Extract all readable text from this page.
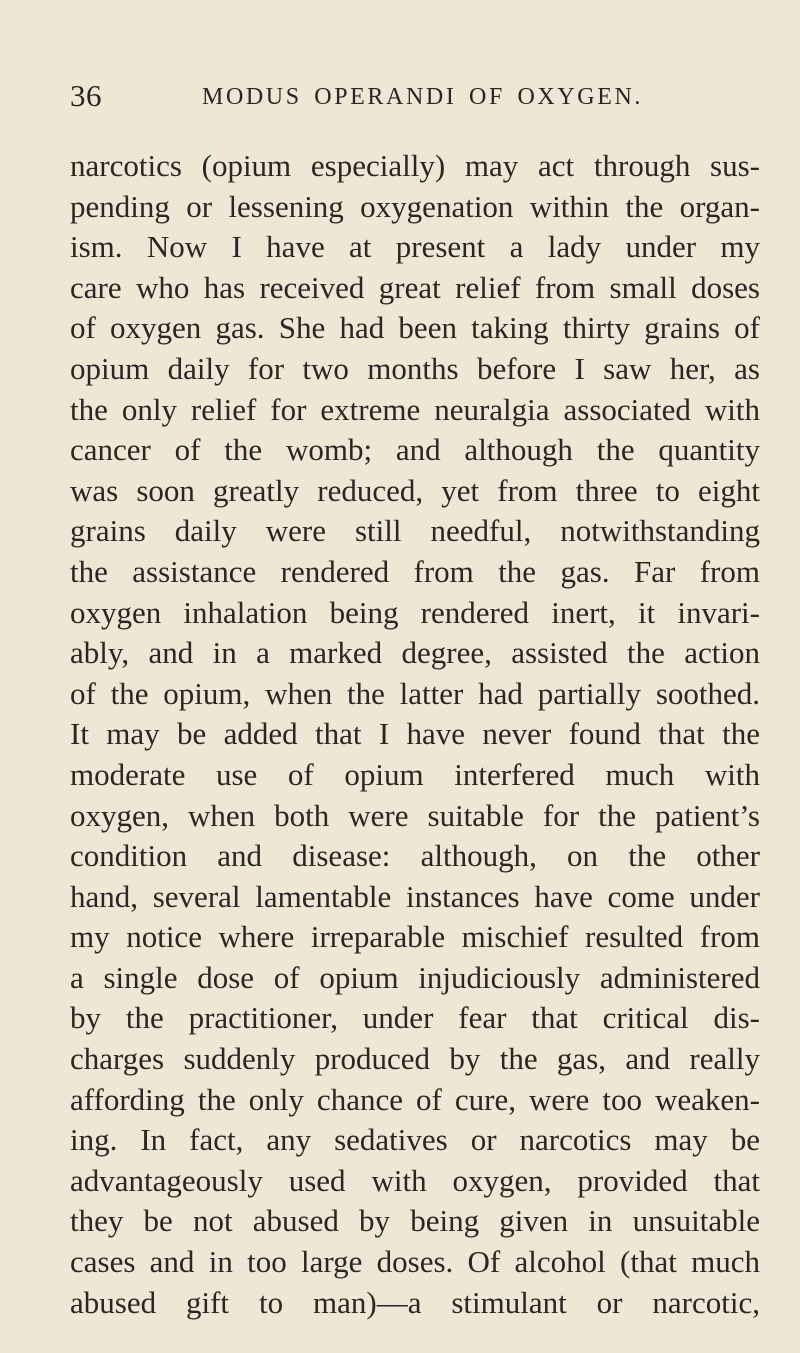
36	MODUS OPERANDI OF OXYGEN.
narcotics (opium especially) may act through sus-
pending or lessening oxygenation within the organ-
ism. Now I have at present a lady under my
care who has received great relief from small doses
of oxygen gas. She had been taking thirty grains of
opium daily for two months before I saw her, as
the only relief for extreme neuralgia associated with
cancer of the womb; and although the quantity
was soon greatly reduced, yet from three to eight
grains daily were still needful, notwithstanding
the assistance rendered from the gas. Far from
oxygen inhalation being rendered inert, it invari-
ably, and in a marked degree, assisted the action
of the opium, when the latter had partially soothed.
It may be added that I have never found that the
moderate use of opium interfered much with
oxygen, when both were suitable for the patient’s
condition and disease: although, on the other
hand, several lamentable instances have come under
my notice where irreparable mischief resulted from
a single dose of opium injudiciously administered
by the practitioner, under fear that critical dis-
charges suddenly produced by the gas, and really
affording the only chance of cure, were too weaken-
ing. In fact, any sedatives or narcotics may be
advantageously used with oxygen, provided that
they be not abused by being given in unsuitable
cases and in too large doses. Of alcohol (that much
abused gift to man)—a stimulant or narcotic,
